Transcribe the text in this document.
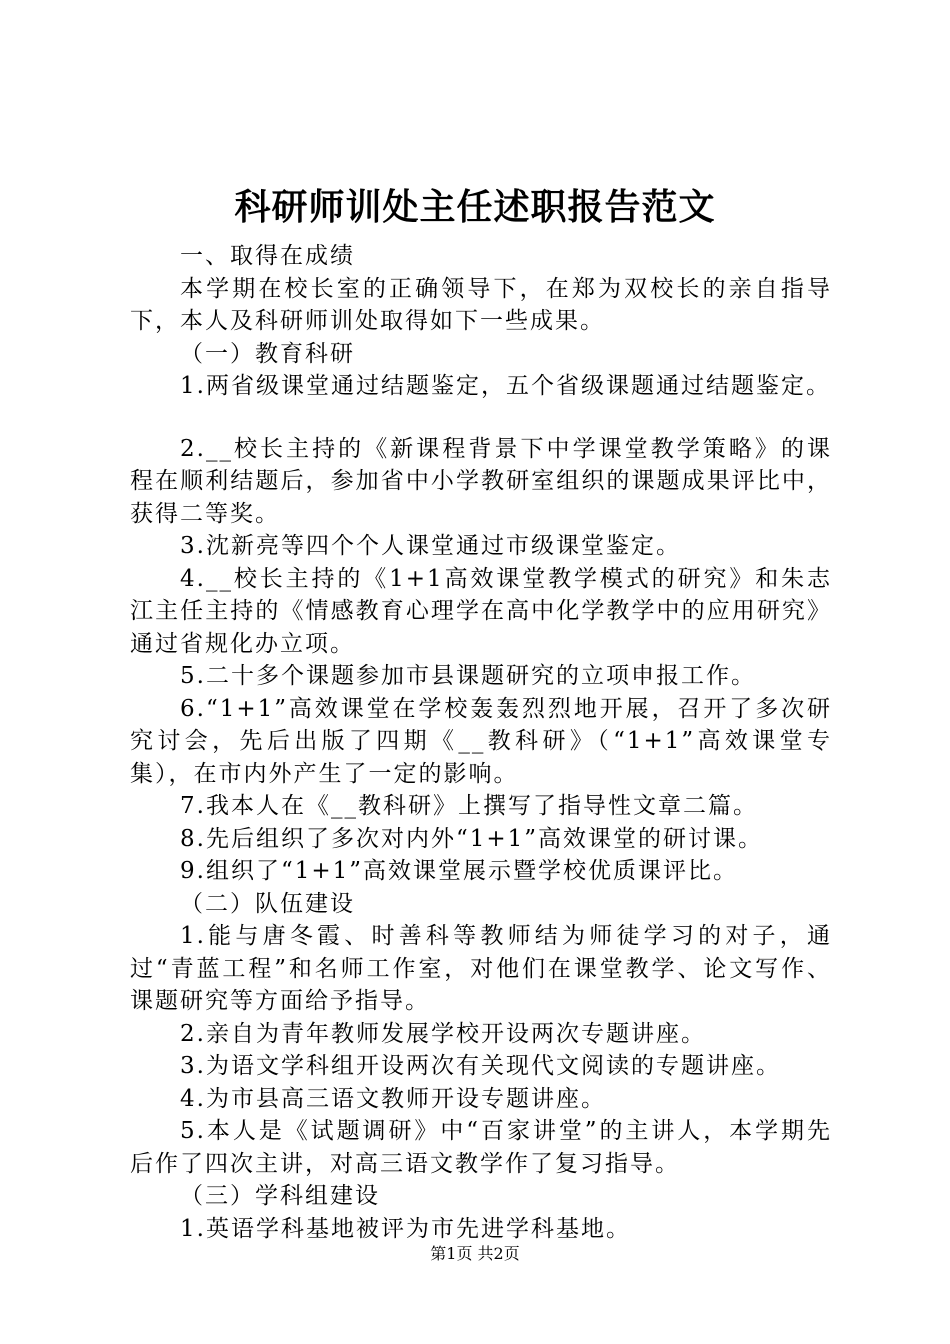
科研师训处主任述职报告范文

一、取得在成绩

本学期在校长室的正确领导下，在郑为双校长的亲自指导下，本人及科研师训处取得如下一些成果。

（一）教育科研

1.两省级课堂通过结题鉴定，五个省级课题通过结题鉴定。

2.__校长主持的《新课程背景下中学课堂教学策略》的课程在顺利结题后，参加省中小学教研室组织的课题成果评比中，获得二等奖。

3.沈新亮等四个个人课堂通过市级课堂鉴定。

4.__校长主持的《1+1高效课堂教学模式的研究》和朱志江主任主持的《情感教育心理学在高中化学教学中的应用研究》通过省规化办立项。

5.二十多个课题参加市县课题研究的立项申报工作。

6.“1+1”高效课堂在学校轰轰烈烈地开展，召开了多次研究讨会，先后出版了四期《__教科研》（“1+1”高效课堂专集），在市内外产生了一定的影响。

7.我本人在《__教科研》上撰写了指导性文章二篇。

8.先后组织了多次对内外“1+1”高效课堂的研讨课。

9.组织了“1+1”高效课堂展示暨学校优质课评比。

（二）队伍建设

1.能与唐冬霞、时善科等教师结为师徒学习的对子，通过“青蓝工程”和名师工作室，对他们在课堂教学、论文写作、课题研究等方面给予指导。

2.亲自为青年教师发展学校开设两次专题讲座。

3.为语文学科组开设两次有关现代文阅读的专题讲座。

4.为市县高三语文教师开设专题讲座。

5.本人是《试题调研》中“百家讲堂”的主讲人，本学期先后作了四次主讲，对高三语文教学作了复习指导。

（三）学科组建设

1.英语学科基地被评为市先进学科基地。

第1页 共2页
